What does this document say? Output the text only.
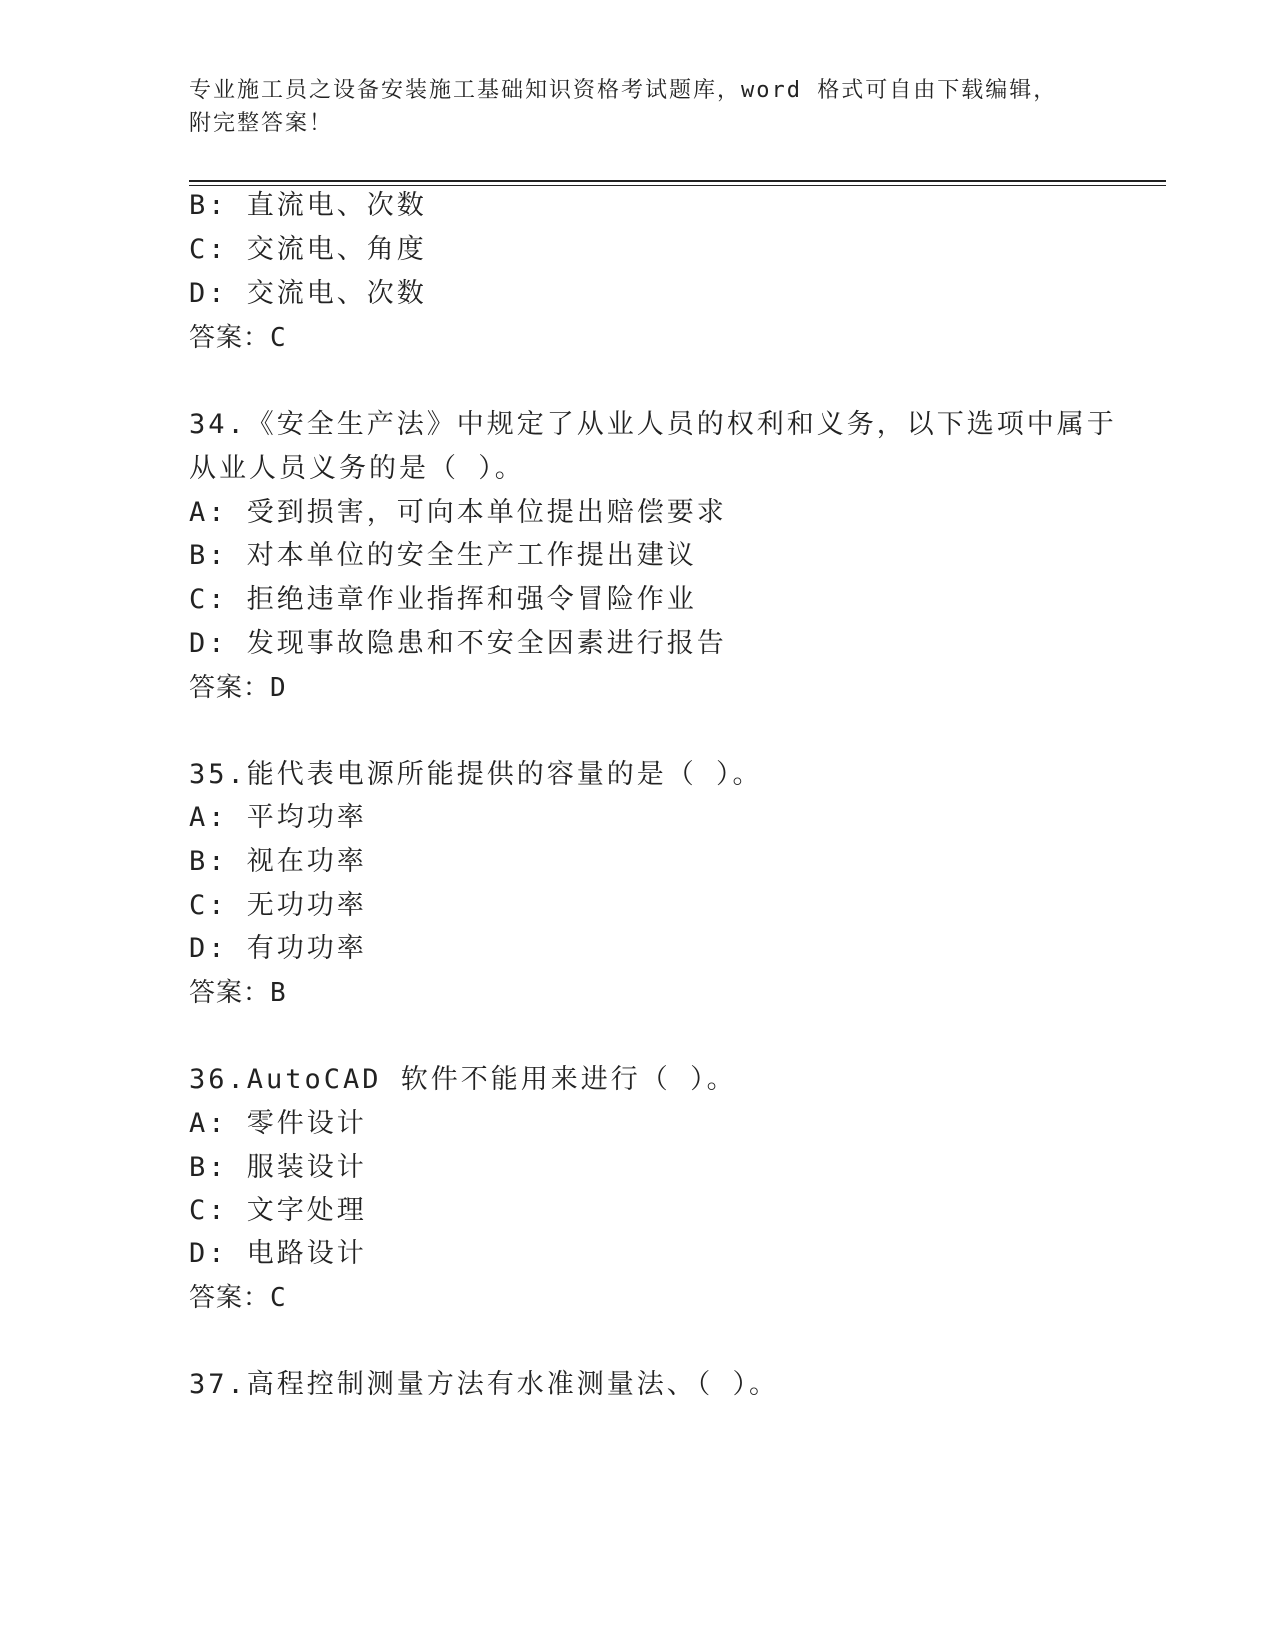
专业施工员之设备安装施工基础知识资格考试题库，word 格式可自由下载编辑，
附完整答案！
B: 直流电、次数
C: 交流电、角度
D: 交流电、次数
答案：C
34.《安全生产法》中规定了从业人员的权利和义务，以下选项中属于
从业人员义务的是（ ）。
A: 受到损害，可向本单位提出赔偿要求
B: 对本单位的安全生产工作提出建议
C: 拒绝违章作业指挥和强令冒险作业
D: 发现事故隐患和不安全因素进行报告
答案：D
35.能代表电源所能提供的容量的是（ ）。
A: 平均功率
B: 视在功率
C: 无功功率
D: 有功功率
答案：B
36.AutoCAD 软件不能用来进行（ ）。
A: 零件设计
B: 服装设计
C: 文字处理
D: 电路设计
答案：C
37.高程控制测量方法有水准测量法、（ ）。
